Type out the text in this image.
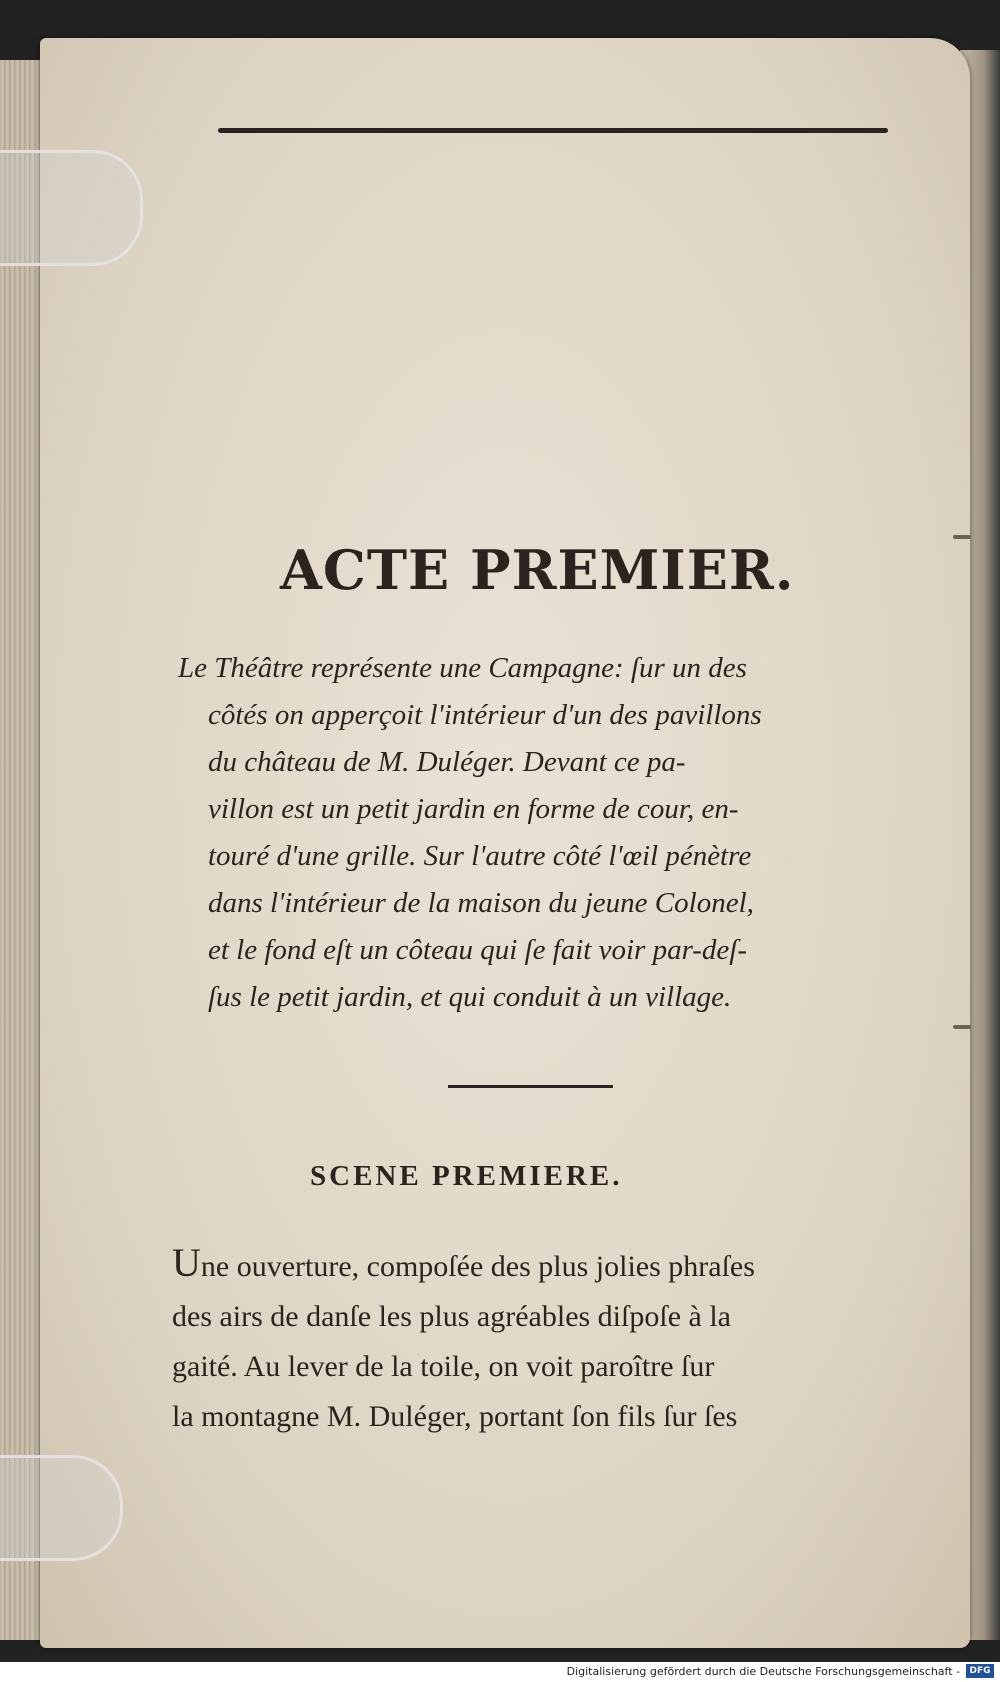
ACTE PREMIER.
Le Théâtre représente une Campagne: ſur un des
côtés on apperçoit l'intérieur d'un des pavillons
du château de M. Duléger. Devant ce pa-
villon est un petit jardin en forme de cour, en-
touré d'une grille. Sur l'autre côté l'œil pénètre
dans l'intérieur de la maison du jeune Colonel,
et le fond eſt un côteau qui ſe fait voir par-deſ-
ſus le petit jardin, et qui conduit à un village.
SCENE PREMIERE.
Une ouverture, compoſée des plus jolies phraſes
des airs de danſe les plus agréables diſpoſe à la
gaité. Au lever de la toile, on voit paroître ſur
la montagne M. Duléger, portant ſon fils ſur ſes
Digitalisierung gefördert durch die Deutsche Forschungsgemeinschaft -	DFG
